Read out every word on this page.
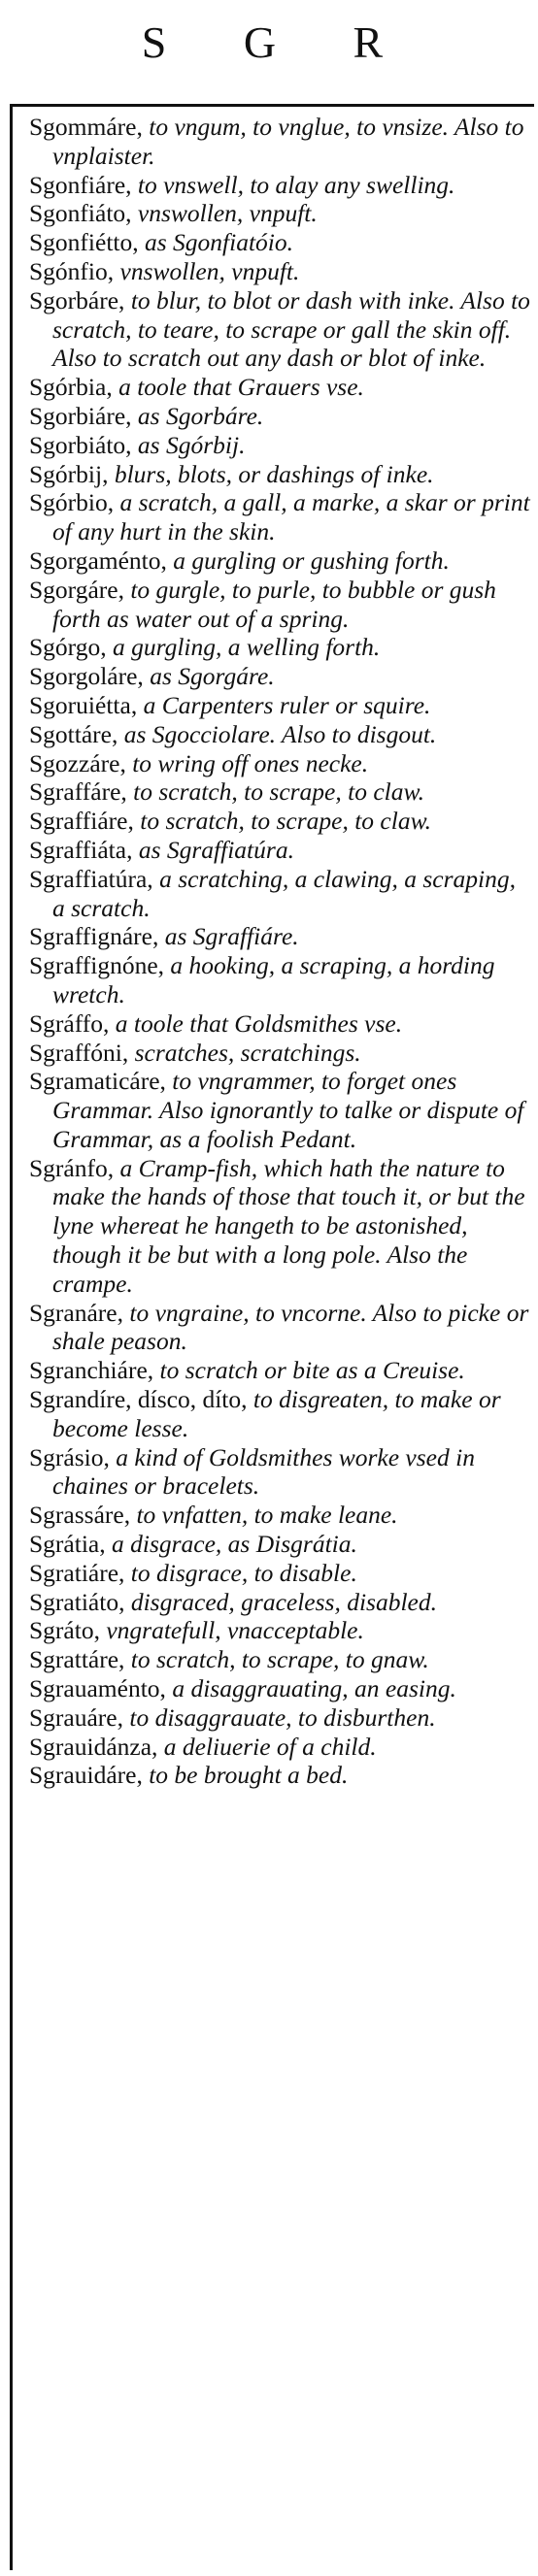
S G R

Sgommáre, to vngum, to vnglue, to vnsize. Also to vnplaister.

Sgonfiáre, to vnswell, to alay any swelling.

Sgonfiáto, vnswollen, vnpuft.

Sgonfiétto, as Sgonfiatóio.

Sgónfio, vnswollen, vnpuft.

Sgorbáre, to blur, to blot or dash with inke. Also to scratch, to teare, to scrape or gall the skin off. Also to scratch out any dash or blot of inke.

Sgórbia, a toole that Grauers vse.

Sgorbiáre, as Sgorbáre.

Sgorbiáto, as Sgórbij.

Sgórbij, blurs, blots, or dashings of inke.

Sgórbio, a scratch, a gall, a marke, a skar or print of any hurt in the skin.

Sgorgaménto, a gurgling or gushing forth.

Sgorgáre, to gurgle, to purle, to bubble or gush forth as water out of a spring.

Sgórgo, a gurgling, a welling forth.

Sgorgoláre, as Sgorgáre.

Sgoruiétta, a Carpenters ruler or squire.

Sgottáre, as Sgocciolare. Also to disgout.

Sgozzáre, to wring off ones necke.

Sgraffáre, to scratch, to scrape, to claw.

Sgraffiáre, to scratch, to scrape, to claw.

Sgraffiáta, as Sgraffiatúra.

Sgraffiatúra, a scratching, a clawing, a scraping, a scratch.

Sgraffignáre, as Sgraffiáre.

Sgraffignóne, a hooking, a scraping, a hording wretch.

Sgráffo, a toole that Goldsmithes vse.

Sgraffóni, scratches, scratchings.

Sgramaticáre, to vngrammer, to forget ones Grammar. Also ignorantly to talke or dispute of Grammar, as a foolish Pedant.

Sgránfo, a Cramp-fish, which hath the nature to make the hands of those that touch it, or but the lyne whereat he hangeth to be astonished, though it be but with a long pole. Also the crampe.

Sgranáre, to vngraine, to vncorne. Also to picke or shale peason.

Sgranchiáre, to scratch or bite as a Creuise.

Sgrandíre, dísco, díto, to disgreaten, to make or become lesse.

Sgrásio, a kind of Goldsmithes worke vsed in chaines or bracelets.

Sgrassáre, to vnfatten, to make leane.

Sgrátia, a disgrace, as Disgrátia.

Sgratiáre, to disgrace, to disable.

Sgratiáto, disgraced, graceless, disabled.

Sgráto, vngratefull, vnacceptable.

Sgrattáre, to scratch, to scrape, to gnaw.

Sgrauaménto, a disaggrauating, an easing.

Sgrauáre, to disaggrauate, to disburthen.

Sgrauidánza, a deliuerie of a child.

Sgrauidáre, to be brought a bed.
